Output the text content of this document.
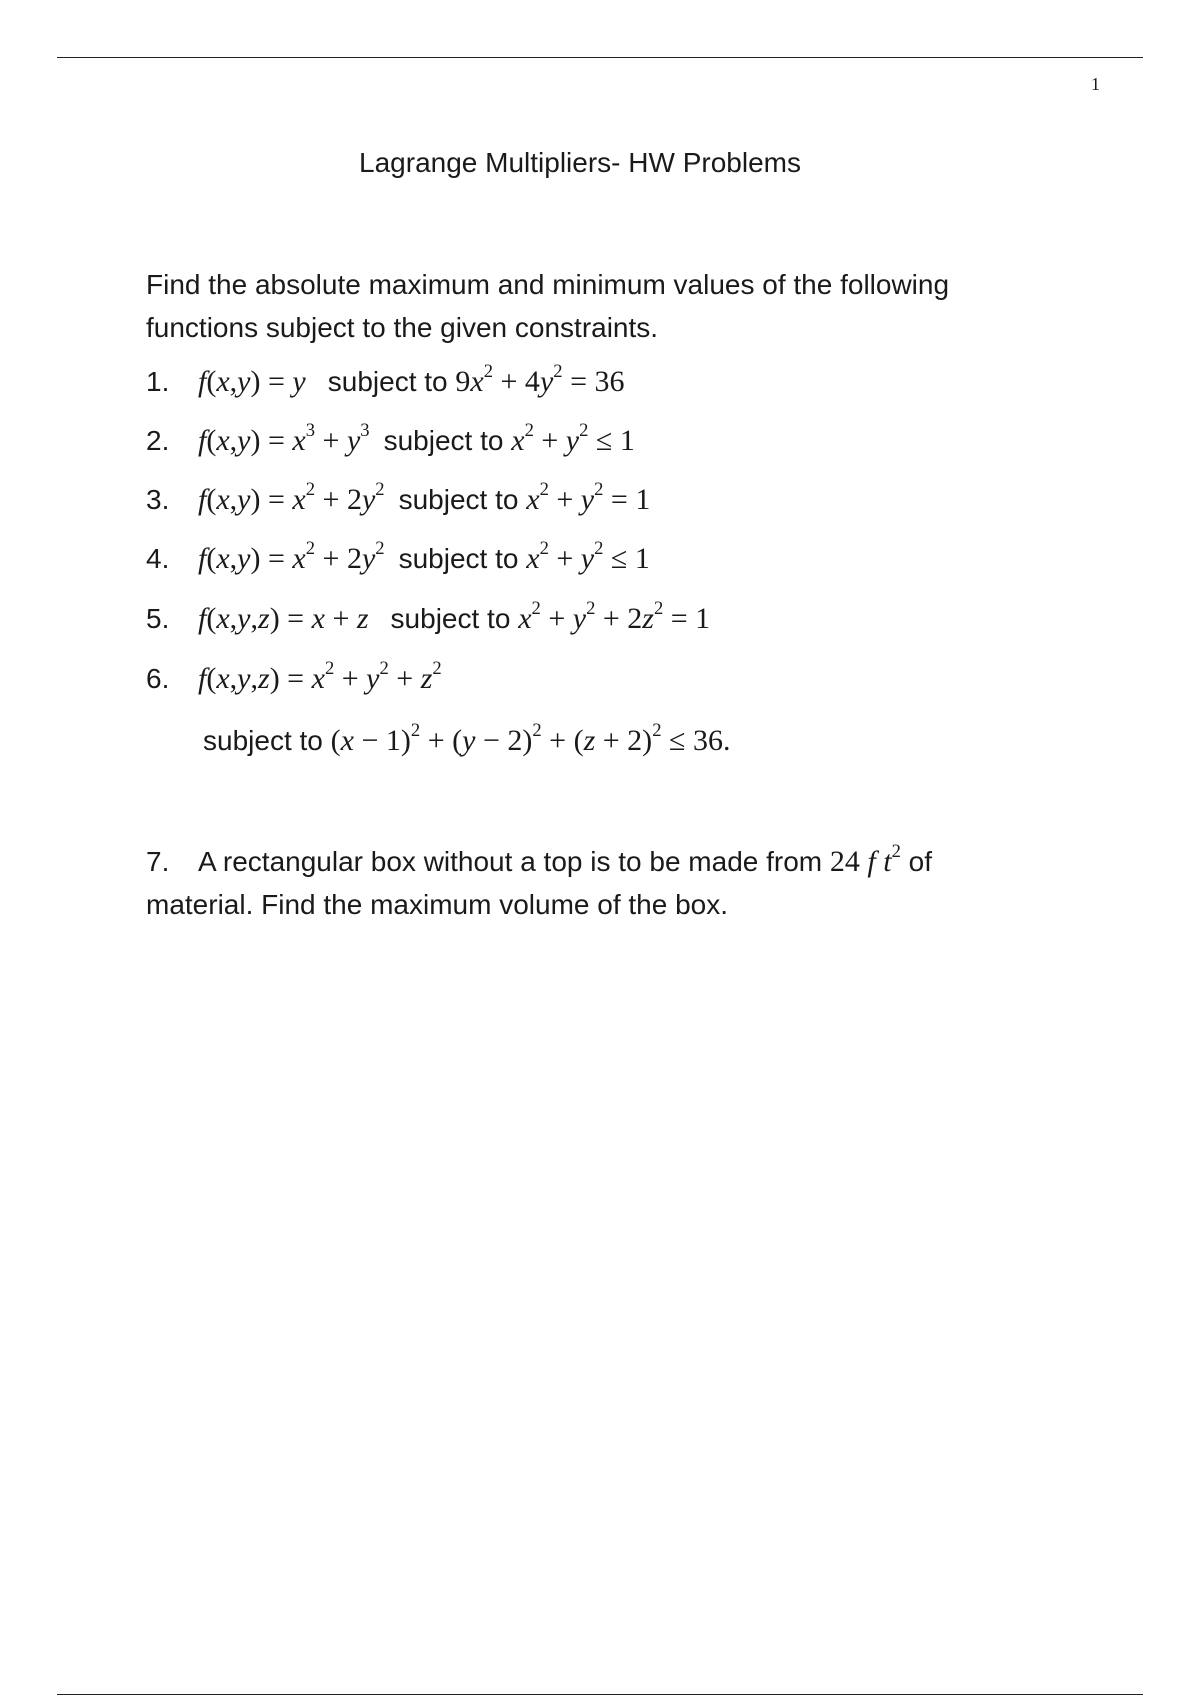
1
Lagrange Multipliers- HW Problems

Find the absolute maximum and minimum values of the following functions subject to the given constraints.

1. f(x,y) = y subject to $9x^2 + 4y^2 = 36$
2. $f(x,y) = x^3 + y^3$ subject to $x^2 + y^2 \le 1$
3. $f(x,y) = x^2 + 2y^2$ subject to $x^2 + y^2 = 1$
4. $f(x,y) = x^2 + 2y^2$ subject to $x^2 + y^2 \le 1$
5. f(x,y,z) = x + z subject to $x^2 + y^2 + 2z^2 = 1$
6. $f(x,y,z) = x^2 + y^2 + z^2$
subject to $(x - 1)^2 + (y - 2)^2 + (z + 2)^2 \le 36$.

7. A rectangular box without a top is to be made from 24 f $t^2$ of material. Find the maximum volume of the box.
